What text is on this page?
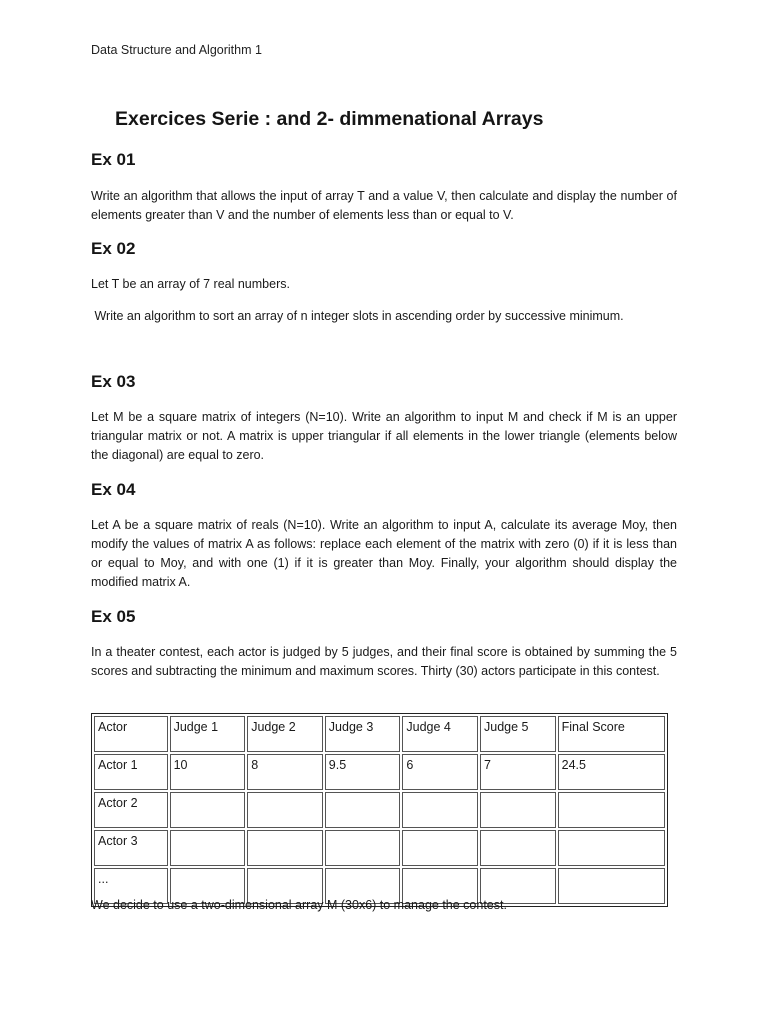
Data Structure and Algorithm 1
Exercices Serie : and 2- dimmenational Arrays
Ex 01
Write an algorithm that allows the input of array T and a value V, then calculate and display the number of elements greater than V and the number of elements less than or equal to V.
Ex 02
Let T be an array of 7 real numbers.
Write an algorithm to sort an array of n integer slots in ascending order by successive minimum.
Ex 03
Let M be a square matrix of integers (N=10). Write an algorithm to input M and check if M is an upper triangular matrix or not. A matrix is upper triangular if all elements in the lower triangle (elements below the diagonal) are equal to zero.
Ex 04
Let A be a square matrix of reals (N=10). Write an algorithm to input A, calculate its average Moy, then modify the values of matrix A as follows: replace each element of the matrix with zero (0) if it is less than or equal to Moy, and with one (1) if it is greater than Moy. Finally, your algorithm should display the modified matrix A.
Ex 05
In a theater contest, each actor is judged by 5 judges, and their final score is obtained by summing the 5 scores and subtracting the minimum and maximum scores. Thirty (30) actors participate in this contest.
Actor	Judge 1	Judge 2	Judge 3	Judge 4	Judge 5	Final Score
Actor 1	10	8	9.5	6	7	24.5
Actor 2						
Actor 3						
...						
We decide to use a two-dimensional array M (30x6) to manage the contest.
